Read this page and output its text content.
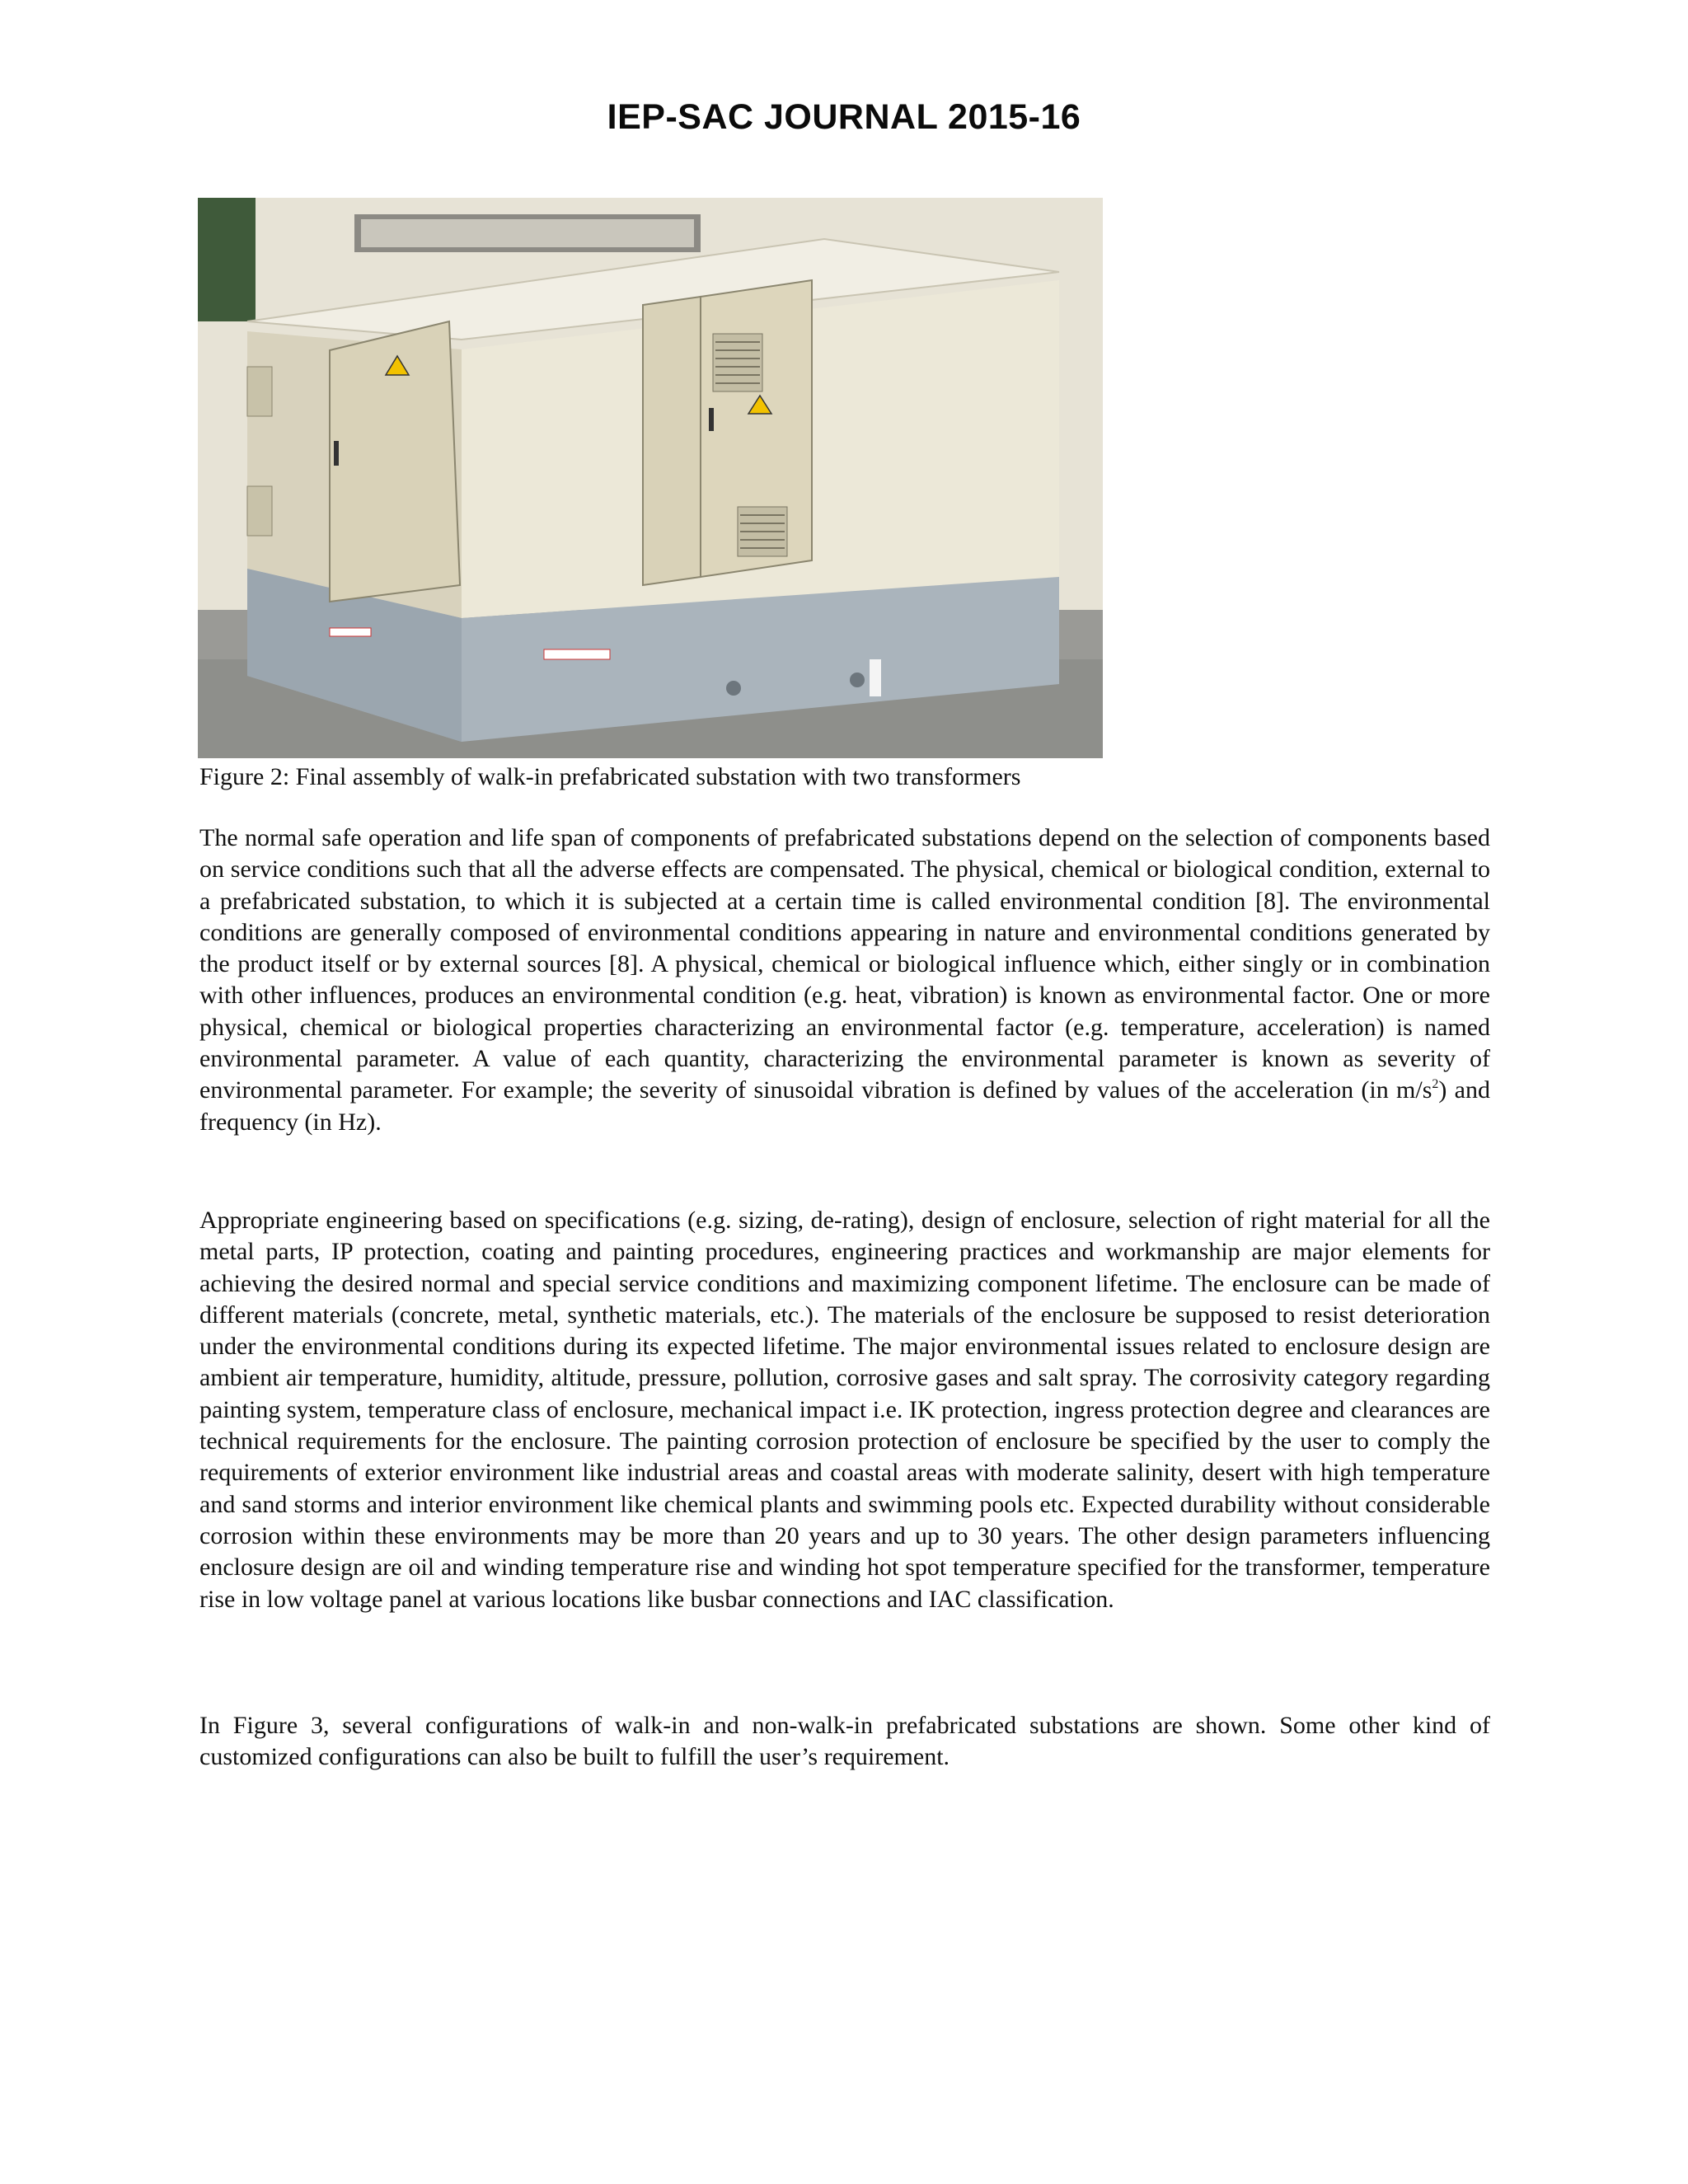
IEP-SAC JOURNAL 2015-16
Figure 2: Final assembly of walk-in prefabricated substation with two transformers

The normal safe operation and life span of components of prefabricated substations depend on the selection of components based on service conditions such that all the adverse effects are compensated. The physical, chemical or biological condition, external to a prefabricated substation, to which it is subjected at a certain time is called environmental condition [8]. The environmental conditions are generally composed of environmental conditions appearing in nature and environmental conditions generated by the product itself or by external sources [8]. A physical, chemical or biological influence which, either singly or in combination with other influences, produces an environmental condition (e.g. heat, vibration) is known as environmental factor. One or more physical, chemical or biological properties characterizing an environmental factor (e.g. temperature, acceleration) is named environmental parameter. A value of each quantity, characterizing the environmental parameter is known as severity of environmental parameter. For example; the severity of sinusoidal vibration is defined by values of the acceleration (in $m/s^2$) and frequency (in Hz).

Appropriate engineering based on specifications (e.g. sizing, de-rating), design of enclosure, selection of right material for all the metal parts, IP protection, coating and painting procedures, engineering practices and workmanship are major elements for achieving the desired normal and special service conditions and maximizing component lifetime. The enclosure can be made of different materials (concrete, metal, synthetic materials, etc.). The materials of the enclosure be supposed to resist deterioration under the environmental conditions during its expected lifetime. The major environmental issues related to enclosure design are ambient air temperature, humidity, altitude, pressure, pollution, corrosive gases and salt spray. The corrosivity category regarding painting system, temperature class of enclosure, mechanical impact i.e. IK protection, ingress protection degree and clearances are technical requirements for the enclosure. The painting corrosion protection of enclosure be specified by the user to comply the requirements of exterior environment like industrial areas and coastal areas with moderate salinity, desert with high temperature and sand storms and interior environment like chemical plants and swimming pools etc. Expected durability without considerable corrosion within these environments may be more than 20 years and up to 30 years. The other design parameters influencing enclosure design are oil and winding temperature rise and winding hot spot temperature specified for the transformer, temperature rise in low voltage panel at various locations like busbar connections and IAC classification.

In Figure 3, several configurations of walk-in and non-walk-in prefabricated substations are shown. Some other kind of customized configurations can also be built to fulfill the user’s requirement.
